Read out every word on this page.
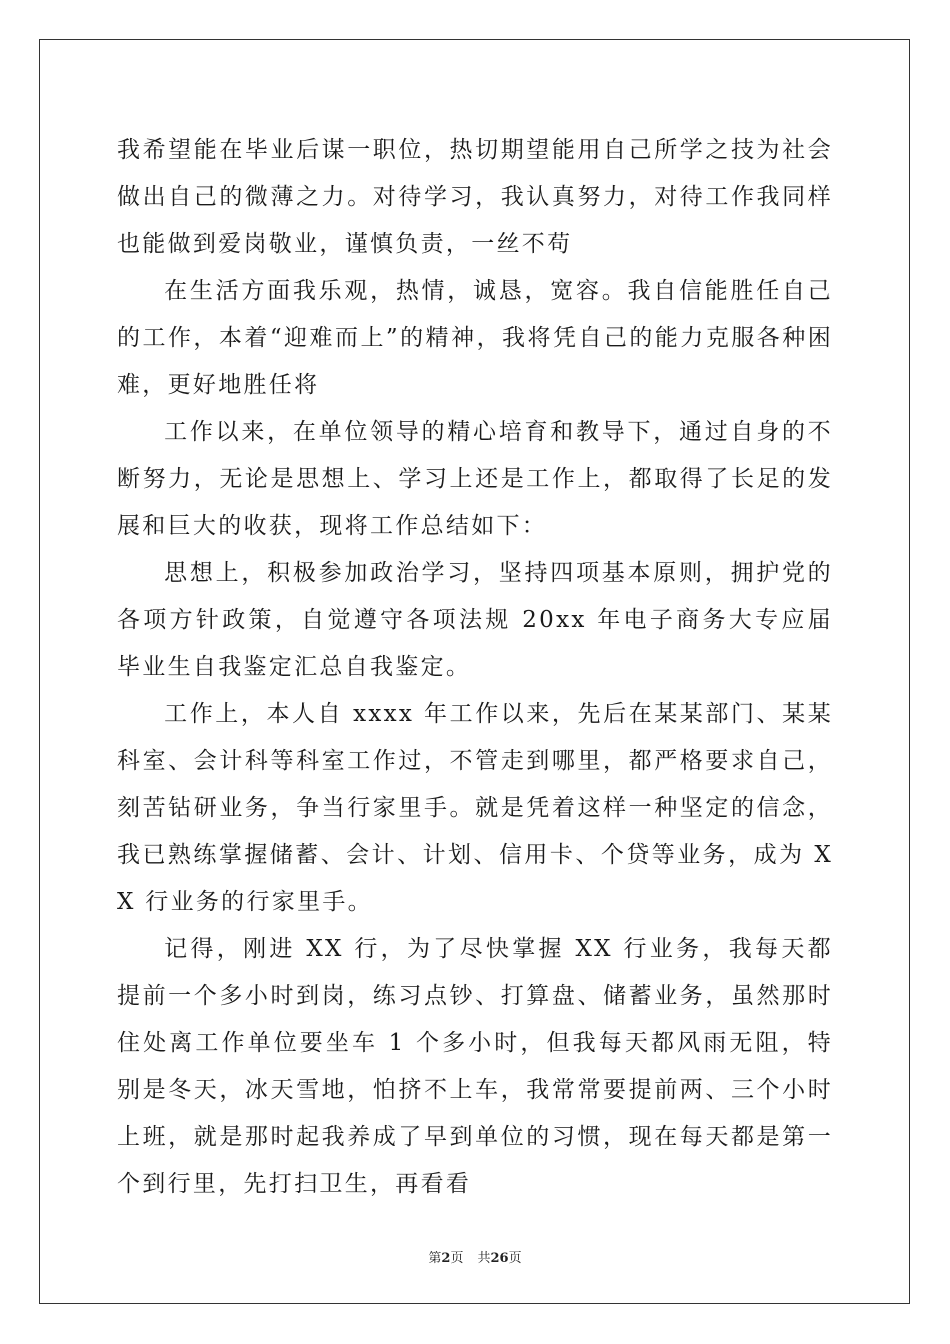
我希望能在毕业后谋一职位，热切期望能用自己所学之技为社会做出自己的微薄之力。对待学习，我认真努力，对待工作我同样也能做到爱岗敬业，谨慎负责，一丝不苟

在生活方面我乐观，热情，诚恳，宽容。我自信能胜任自己的工作，本着“迎难而上”的精神，我将凭自己的能力克服各种困难，更好地胜任将

工作以来，在单位领导的精心培育和教导下，通过自身的不断努力，无论是思想上、学习上还是工作上，都取得了长足的发展和巨大的收获，现将工作总结如下：

思想上，积极参加政治学习，坚持四项基本原则，拥护党的各项方针政策，自觉遵守各项法规 20xx 年电子商务大专应届毕业生自我鉴定汇总自我鉴定。

工作上，本人自 xxxx 年工作以来，先后在某某部门、某某科室、会计科等科室工作过，不管走到哪里，都严格要求自己，刻苦钻研业务，争当行家里手。就是凭着这样一种坚定的信念，我已熟练掌握储蓄、会计、计划、信用卡、个贷等业务，成为 XX 行业务的行家里手。

记得，刚进 XX 行，为了尽快掌握 XX 行业务，我每天都提前一个多小时到岗，练习点钞、打算盘、储蓄业务，虽然那时住处离工作单位要坐车 1 个多小时，但我每天都风雨无阻，特别是冬天，冰天雪地，怕挤不上车，我常常要提前两、三个小时上班，就是那时起我养成了早到单位的习惯，现在每天都是第一个到行里，先打扫卫生，再看看

第2页 共26页
